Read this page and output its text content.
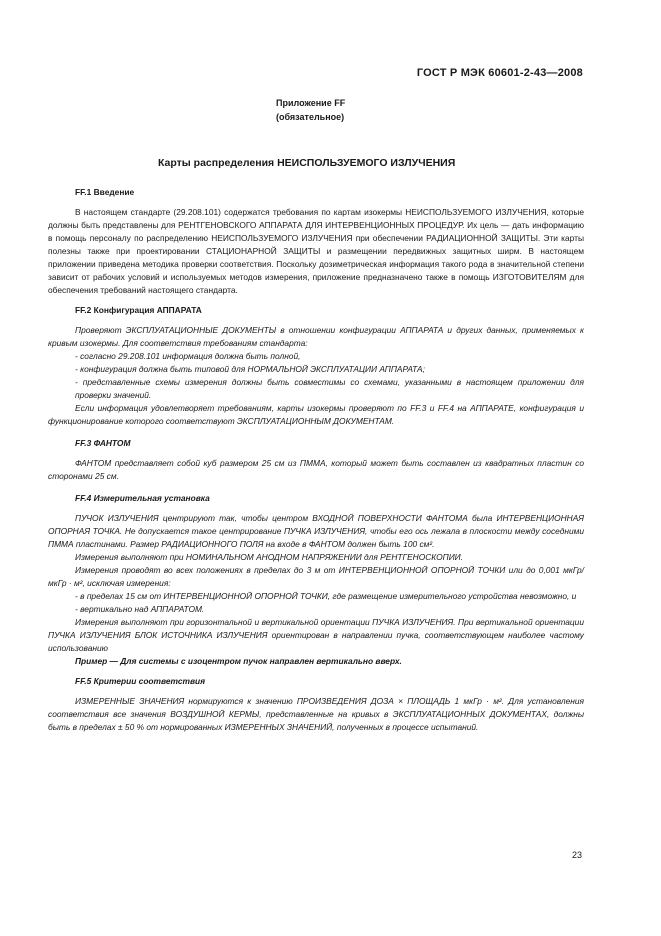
ГОСТ Р МЭК 60601-2-43—2008
Приложение FF
(обязательное)
Карты распределения НЕИСПОЛЬЗУЕМОГО ИЗЛУЧЕНИЯ

FF.1 Введение

В настоящем стандарте (29.208.101) содержатся требования по картам изокермы НЕИСПОЛЬЗУЕМОГО ИЗЛУЧЕНИЯ, которые должны быть представлены для РЕНТГЕНОВСКОГО АППАРАТА ДЛЯ ИНТЕРВЕНЦИОННЫХ ПРОЦЕДУР. Их цель — дать информацию в помощь персоналу по распределению НЕИСПОЛЬЗУЕМОГО ИЗЛУЧЕНИЯ при обеспечении РАДИАЦИОННОЙ ЗАЩИТЫ. Эти карты полезны также при проектировании СТАЦИОНАРНОЙ ЗАЩИТЫ и размещении передвижных защитных ширм. В настоящем приложении приведена методика проверки соответствия. Поскольку дозиметрическая информация такого рода в значительной степени зависит от рабочих условий и используемых методов измерения, приложение предназначено также в помощь ИЗГОТОВИТЕЛЯМ для обеспечения требований настоящего стандарта.

FF.2 Конфигурация АППАРАТА

Проверяют ЭКСПЛУАТАЦИОННЫЕ ДОКУМЕНТЫ в отношении конфигурации АППАРАТА и других данных, применяемых к кривым изокермы. Для соответствия требованиям стандарта:

- согласно 29.208.101 информация должна быть полной,

- конфигурация должна быть типовой для НОРМАЛЬНОЙ ЭКСПЛУАТАЦИИ АППАРАТА;

- представленные схемы измерения должны быть совместимы со схемами, указанными в настоящем приложении для проверки значений.

Если информация удовлетворяет требованиям, карты изокермы проверяют по FF.3 и FF.4 на АППАРАТЕ, конфигурация и функционирование которого соответствуют ЭКСПЛУАТАЦИОННЫМ ДОКУМЕНТАМ.

FF.3 ФАНТОМ

ФАНТОМ представляет собой куб размером 25 см из ПММА, который может быть составлен из квадратных пластин со сторонами 25 см.

FF.4 Измерительная установка

ПУЧОК ИЗЛУЧЕНИЯ центрируют так, чтобы центром ВХОДНОЙ ПОВЕРХНОСТИ ФАНТОМА была ИНТЕРВЕНЦИОННАЯ ОПОРНАЯ ТОЧКА. Не допускается такое центрирование ПУЧКА ИЗЛУЧЕНИЯ, чтобы его ось лежала в плоскости между соседними ПММА пластинами. Размер РАДИАЦИОННОГО ПОЛЯ на входе в ФАНТОМ должен быть 100 см².

Измерения выполняют при НОМИНАЛЬНОМ АНОДНОМ НАПРЯЖЕНИИ для РЕНТГЕНОСКОПИИ.

Измерения проводят во всех положениях в пределах до 3 м от ИНТЕРВЕНЦИОННОЙ ОПОРНОЙ ТОЧКИ или до 0,001 мкГр/мкГр · м², исключая измерения:

- в пределах 15 см от ИНТЕРВЕНЦИОННОЙ ОПОРНОЙ ТОЧКИ, где размещение измерительного устройства невозможно, и

- вертикально над АППАРАТОМ.

Измерения выполняют при горизонтальной и вертикальной ориентации ПУЧКА ИЗЛУЧЕНИЯ. При вертикальной ориентации ПУЧКА ИЗЛУЧЕНИЯ БЛОК ИСТОЧНИКА ИЗЛУЧЕНИЯ ориентирован в направлении пучка, соответствующем наиболее частому использованию

Пример — Для системы с изоцентром пучок направлен вертикально вверх.

FF.5 Критерии соответствия

ИЗМЕРЕННЫЕ ЗНАЧЕНИЯ нормируются к значению ПРОИЗВЕДЕНИЯ ДОЗА × ПЛОЩАДЬ 1 мкГр · м². Для установления соответствия все значения ВОЗДУШНОЙ КЕРМЫ, представленные на кривых в ЭКСПЛУАТАЦИОННЫХ ДОКУМЕНТАХ, должны быть в пределах ± 50 % от нормированных ИЗМЕРЕННЫХ ЗНАЧЕНИЙ, полученных в процессе испытаний.

23
